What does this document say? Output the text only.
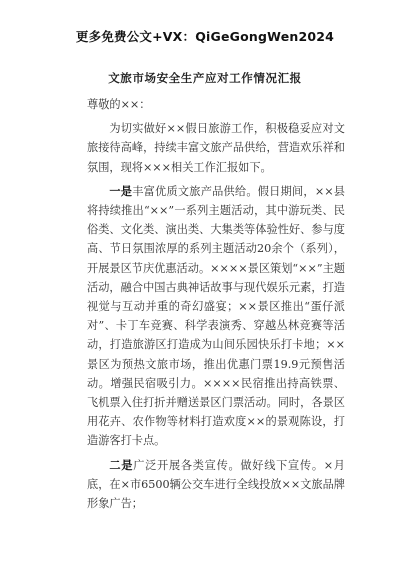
更多免费公文+VX：QiGeGongWen2024
文旅市场安全生产应对工作情况汇报

尊敬的××：

为切实做好××假日旅游工作，积极稳妥应对文旅接待高峰，持续丰富文旅产品供给，营造欢乐祥和氛围，现将×××相关工作汇报如下。

一是丰富优质文旅产品供给。假日期间，××县将持续推出“××”一系列主题活动，其中游玩类、民俗类、文化类、演出类、大集类等体验性好、参与度高、节日氛围浓厚的系列主题活动20余个（系列），开展景区节庆优惠活动。××××景区策划“××”主题活动，融合中国古典神话故事与现代娱乐元素，打造视觉与互动并重的奇幻盛宴；××景区推出“蛋仔派对”、卡丁车竞赛、科学表演秀、穿越丛林竞赛等活动，打造旅游区打造成为山间乐园快乐打卡地；××景区为预热文旅市场，推出优惠门票19.9元预售活动。增强民宿吸引力。××××民宿推出持高铁票、飞机票入住打折并赠送景区门票活动。同时，各景区用花卉、农作物等材料打造欢度××的景观陈设，打造游客打卡点。

二是广泛开展各类宣传。做好线下宣传。×月底，在×市6500辆公交车进行全线投放××文旅品牌形象广告；
